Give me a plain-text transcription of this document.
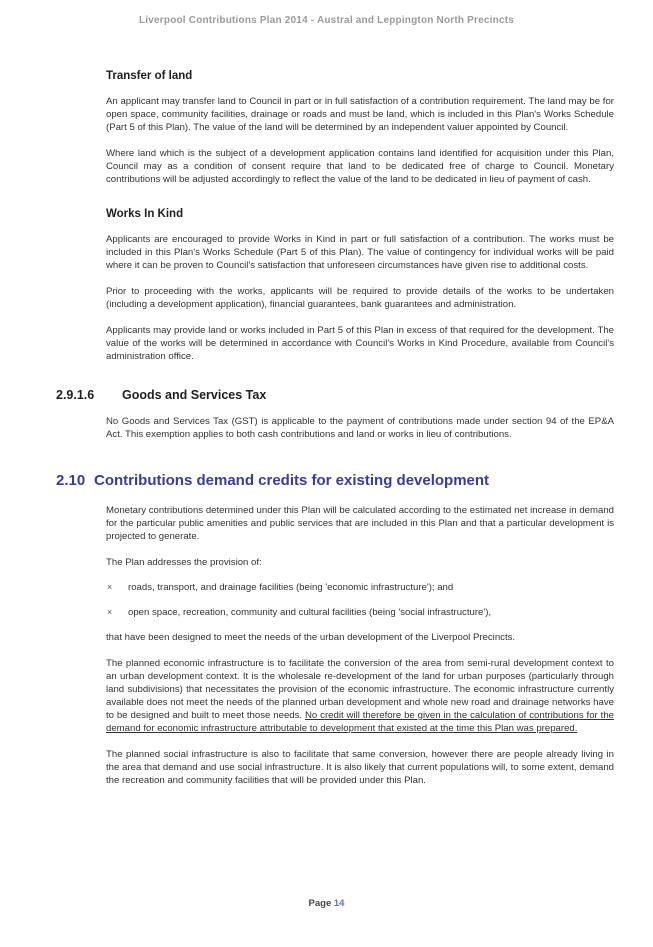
Liverpool Contributions Plan 2014 - Austral and Leppington North Precincts
Transfer of land

An applicant may transfer land to Council in part or in full satisfaction of a contribution requirement. The land may be for open space, community facilities, drainage or roads and must be land, which is included in this Plan's Works Schedule (Part 5 of this Plan). The value of the land will be determined by an independent valuer appointed by Council.

Where land which is the subject of a development application contains land identified for acquisition under this Plan, Council may as a condition of consent require that land to be dedicated free of charge to Council. Monetary contributions will be adjusted accordingly to reflect the value of the land to be dedicated in lieu of payment of cash.

Works In Kind

Applicants are encouraged to provide Works in Kind in part or full satisfaction of a contribution. The works must be included in this Plan's Works Schedule (Part 5 of this Plan). The value of contingency for individual works will be paid where it can be proven to Council's satisfaction that unforeseen circumstances have given rise to additional costs.

Prior to proceeding with the works, applicants will be required to provide details of the works to be undertaken (including a development application), financial guarantees, bank guarantees and administration.

Applicants may provide land or works included in Part 5 of this Plan in excess of that required for the development. The value of the works will be determined in accordance with Council's Works in Kind Procedure, available from Council's administration office.

2.9.1.6 Goods and Services Tax

No Goods and Services Tax (GST) is applicable to the payment of contributions made under section 94 of the EP&A Act. This exemption applies to both cash contributions and land or works in lieu of contributions.

2.10 Contributions demand credits for existing development

Monetary contributions determined under this Plan will be calculated according to the estimated net increase in demand for the particular public amenities and public services that are included in this Plan and that a particular development is projected to generate.

The Plan addresses the provision of:

× roads, transport, and drainage facilities (being 'economic infrastructure'); and
× open space, recreation, community and cultural facilities (being 'social infrastructure'),

that have been designed to meet the needs of the urban development of the Liverpool Precincts.

The planned economic infrastructure is to facilitate the conversion of the area from semi-rural development context to an urban development context. It is the wholesale re-development of the land for urban purposes (particularly through land subdivisions) that necessitates the provision of the economic infrastructure. The economic infrastructure currently available does not meet the needs of the planned urban development and whole new road and drainage networks have to be designed and built to meet those needs. No credit will therefore be given in the calculation of contributions for the demand for economic infrastructure attributable to development that existed at the time this Plan was prepared.

The planned social infrastructure is also to facilitate that same conversion, however there are people already living in the area that demand and use social infrastructure. It is also likely that current populations will, to some extent, demand the recreation and community facilities that will be provided under this Plan.

Page 14
